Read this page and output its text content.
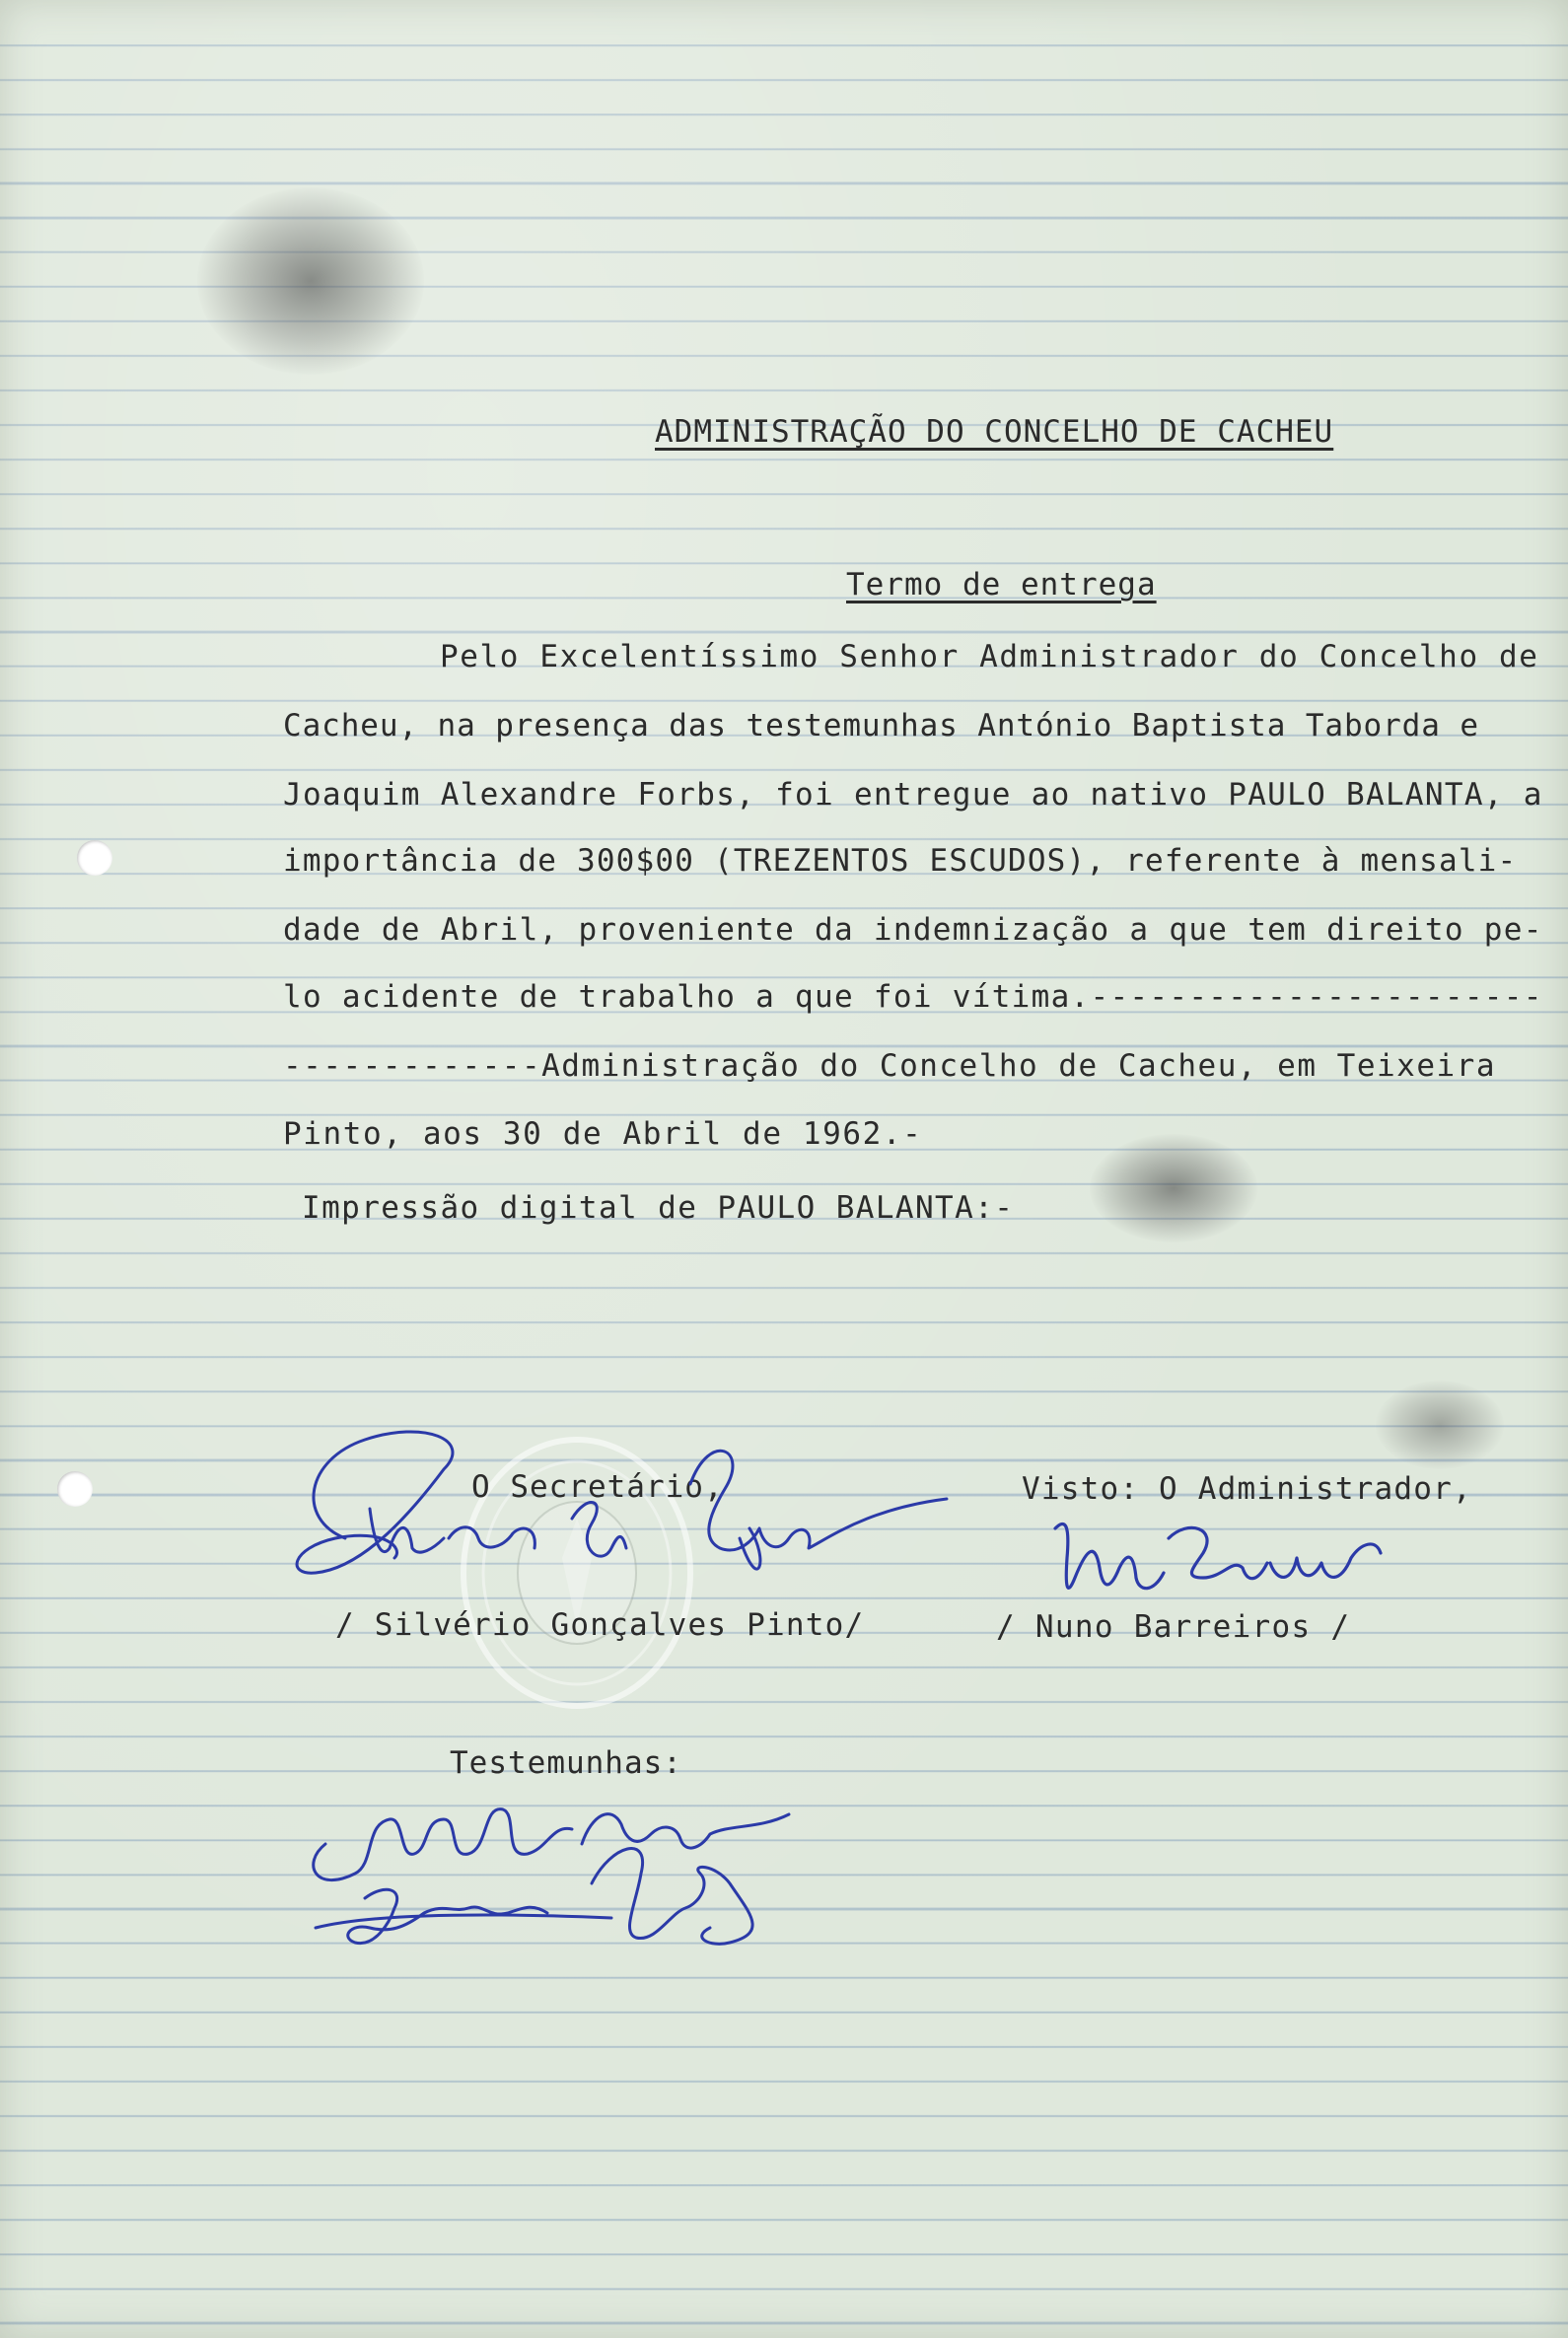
ADMINISTRAÇÃO DO CONCELHO DE CACHEU
Termo de entrega
Pelo Excelentíssimo Senhor Administrador do Concelho de
Cacheu, na presença das testemunhas António Baptista Taborda e
Joaquim Alexandre Forbs, foi entregue ao nativo PAULO BALANTA, a
importância de 300$00 (TREZENTOS ESCUDOS), referente à mensali-
dade de Abril, proveniente da indemnização a que tem direito pe-
lo acidente de trabalho a que foi vítima.-----------------------
-------------Administração do Concelho de Cacheu, em Teixeira
Pinto, aos 30 de Abril de 1962.-
Impressão digital de PAULO BALANTA:-
O Secretário,	Visto: O Administrador,
/ Silvério Gonçalves Pinto/	/ Nuno Barreiros /
Testemunhas:
